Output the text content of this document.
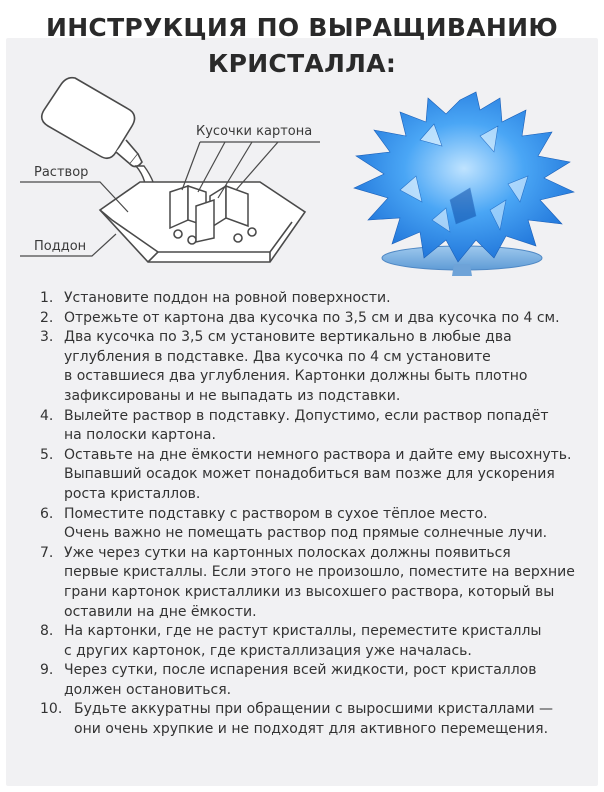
ИНСТРУКЦИЯ ПО ВЫРАЩИВАНИЮ
КРИСТАЛЛА:
Кусочки картона
Раствор
Поддон
1. Установите поддон на ровной поверхности.
2. Отрежьте от картона два кусочка по 3,5 см и два кусочка по 4 см.
3. Два кусочка по 3,5 см установите вертикально в любые два
углубления в подставке. Два кусочка по 4 см установите
в оставшиеся два углубления. Картонки должны быть плотно
зафиксированы и не выпадать из подставки.
4. Вылейте раствор в подставку. Допустимо, если раствор попадёт
на полоски картона.
5. Оставьте на дне ёмкости немного раствора и дайте ему высохнуть.
Выпавший осадок может понадобиться вам позже для ускорения
роста кристаллов.
6. Поместите подставку с раствором в сухое тёплое место.
Очень важно не помещать раствор под прямые солнечные лучи.
7. Уже через сутки на картонных полосках должны появиться
первые кристаллы. Если этого не произошло, поместите на верхние
грани картонок кристаллики из высохшего раствора, который вы
оставили на дне ёмкости.
8. На картонки, где не растут кристаллы, переместите кристаллы
с других картонок, где кристаллизация уже началась.
9. Через сутки, после испарения всей жидкости, рост кристаллов
должен остановиться.
10. Будьте аккуратны при обращении с выросшими кристаллами —
они очень хрупкие и не подходят для активного перемещения.
